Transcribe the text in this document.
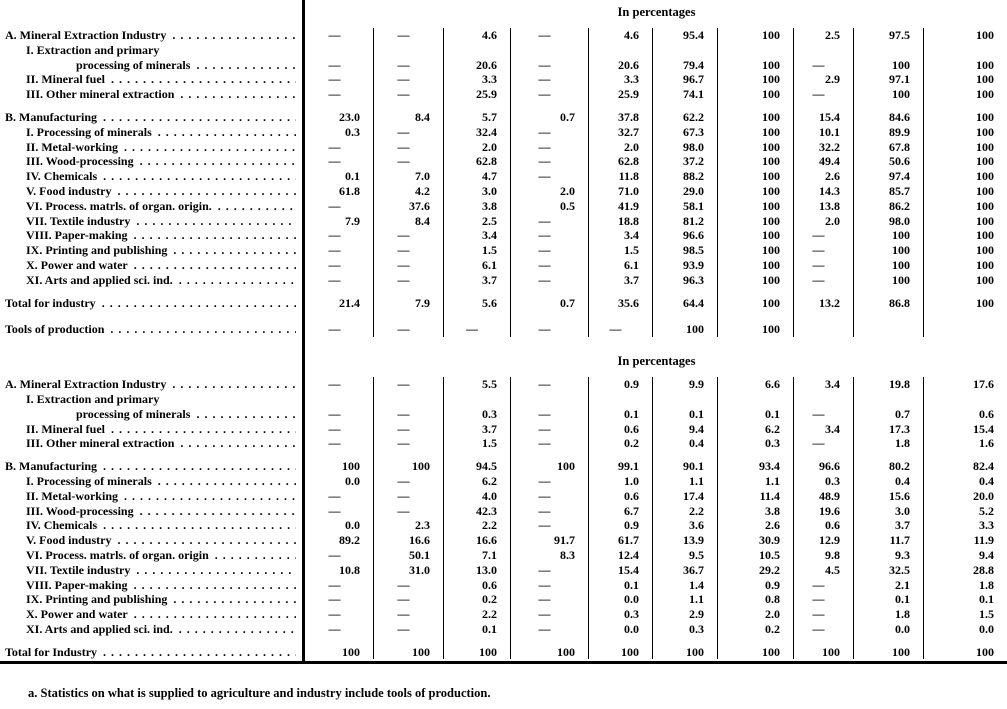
In percentages
A. Mineral Extraction Industry . . .	—	—	4.6	—	4.6	95.4	100	2.5	97.5	100
I. Extraction and primary
processing of minerals . . .	—	—	20.6	—	20.6	79.4	100	—	100	100
II. Mineral fuel . . .	—	—	3.3	—	3.3	96.7	100	2.9	97.1	100
III. Other mineral extraction . . .	—	—	25.9	—	25.9	74.1	100	—	100	100
B. Manufacturing . . .	23.0	8.4	5.7	0.7	37.8	62.2	100	15.4	84.6	100
I. Processing of minerals . . .	0.3	—	32.4	—	32.7	67.3	100	10.1	89.9	100
II. Metal-working . . .	—	—	2.0	—	2.0	98.0	100	32.2	67.8	100
III. Wood-processing . . .	—	—	62.8	—	62.8	37.2	100	49.4	50.6	100
IV. Chemicals . . .	0.1	7.0	4.7	—	11.8	88.2	100	2.6	97.4	100
V. Food industry . . .	61.8	4.2	3.0	2.0	71.0	29.0	100	14.3	85.7	100
VI. Process. matrls. of organ. origin. . . .	—	37.6	3.8	0.5	41.9	58.1	100	13.8	86.2	100
VII. Textile industry . . .	7.9	8.4	2.5	—	18.8	81.2	100	2.0	98.0	100
VIII. Paper-making . . .	—	—	3.4	—	3.4	96.6	100	—	100	100
IX. Printing and publishing . . .	—	—	1.5	—	1.5	98.5	100	—	100	100
X. Power and water . . .	—	—	6.1	—	6.1	93.9	100	—	100	100
XI. Arts and applied sci. ind. . . .	—	—	3.7	—	3.7	96.3	100	—	100	100
Total for industry . . .	21.4	7.9	5.6	0.7	35.6	64.4	100	13.2	86.8	100
Tools of production . . .	—	—	—	—	—	100	100
In percentages
A. Mineral Extraction Industry . . .	—	—	5.5	—	0.9	9.9	6.6	3.4	19.8	17.6
I. Extraction and primary
processing of minerals . . .	—	—	0.3	—	0.1	0.1	0.1	—	0.7	0.6
II. Mineral fuel . . .	—	—	3.7	—	0.6	9.4	6.2	3.4	17.3	15.4
III. Other mineral extraction . . .	—	—	1.5	—	0.2	0.4	0.3	—	1.8	1.6
B. Manufacturing . . .	100	100	94.5	100	99.1	90.1	93.4	96.6	80.2	82.4
I. Processing of minerals . . .	0.0	—	6.2	—	1.0	1.1	1.1	0.3	0.4	0.4
II. Metal-working . . .	—	—	4.0	—	0.6	17.4	11.4	48.9	15.6	20.0
III. Wood-processing . . .	—	—	42.3	—	6.7	2.2	3.8	19.6	3.0	5.2
IV. Chemicals . . .	0.0	2.3	2.2	—	0.9	3.6	2.6	0.6	3.7	3.3
V. Food industry . . .	89.2	16.6	16.6	91.7	61.7	13.9	30.9	12.9	11.7	11.9
VI. Process. matrls. of organ. origin . . .	—	50.1	7.1	8.3	12.4	9.5	10.5	9.8	9.3	9.4
VII. Textile industry . . .	10.8	31.0	13.0	—	15.4	36.7	29.2	4.5	32.5	28.8
VIII. Paper-making . . .	—	—	0.6	—	0.1	1.4	0.9	—	2.1	1.8
IX. Printing and publishing . . .	—	—	0.2	—	0.0	1.1	0.8	—	0.1	0.1
X. Power and water . . .	—	—	2.2	—	0.3	2.9	2.0	—	1.8	1.5
XI. Arts and applied sci. ind. . . .	—	—	0.1	—	0.0	0.3	0.2	—	0.0	0.0
Total for Industry . . .	100	100	100	100	100	100	100	100	100	100
a. Statistics on what is supplied to agriculture and industry include tools of production.
